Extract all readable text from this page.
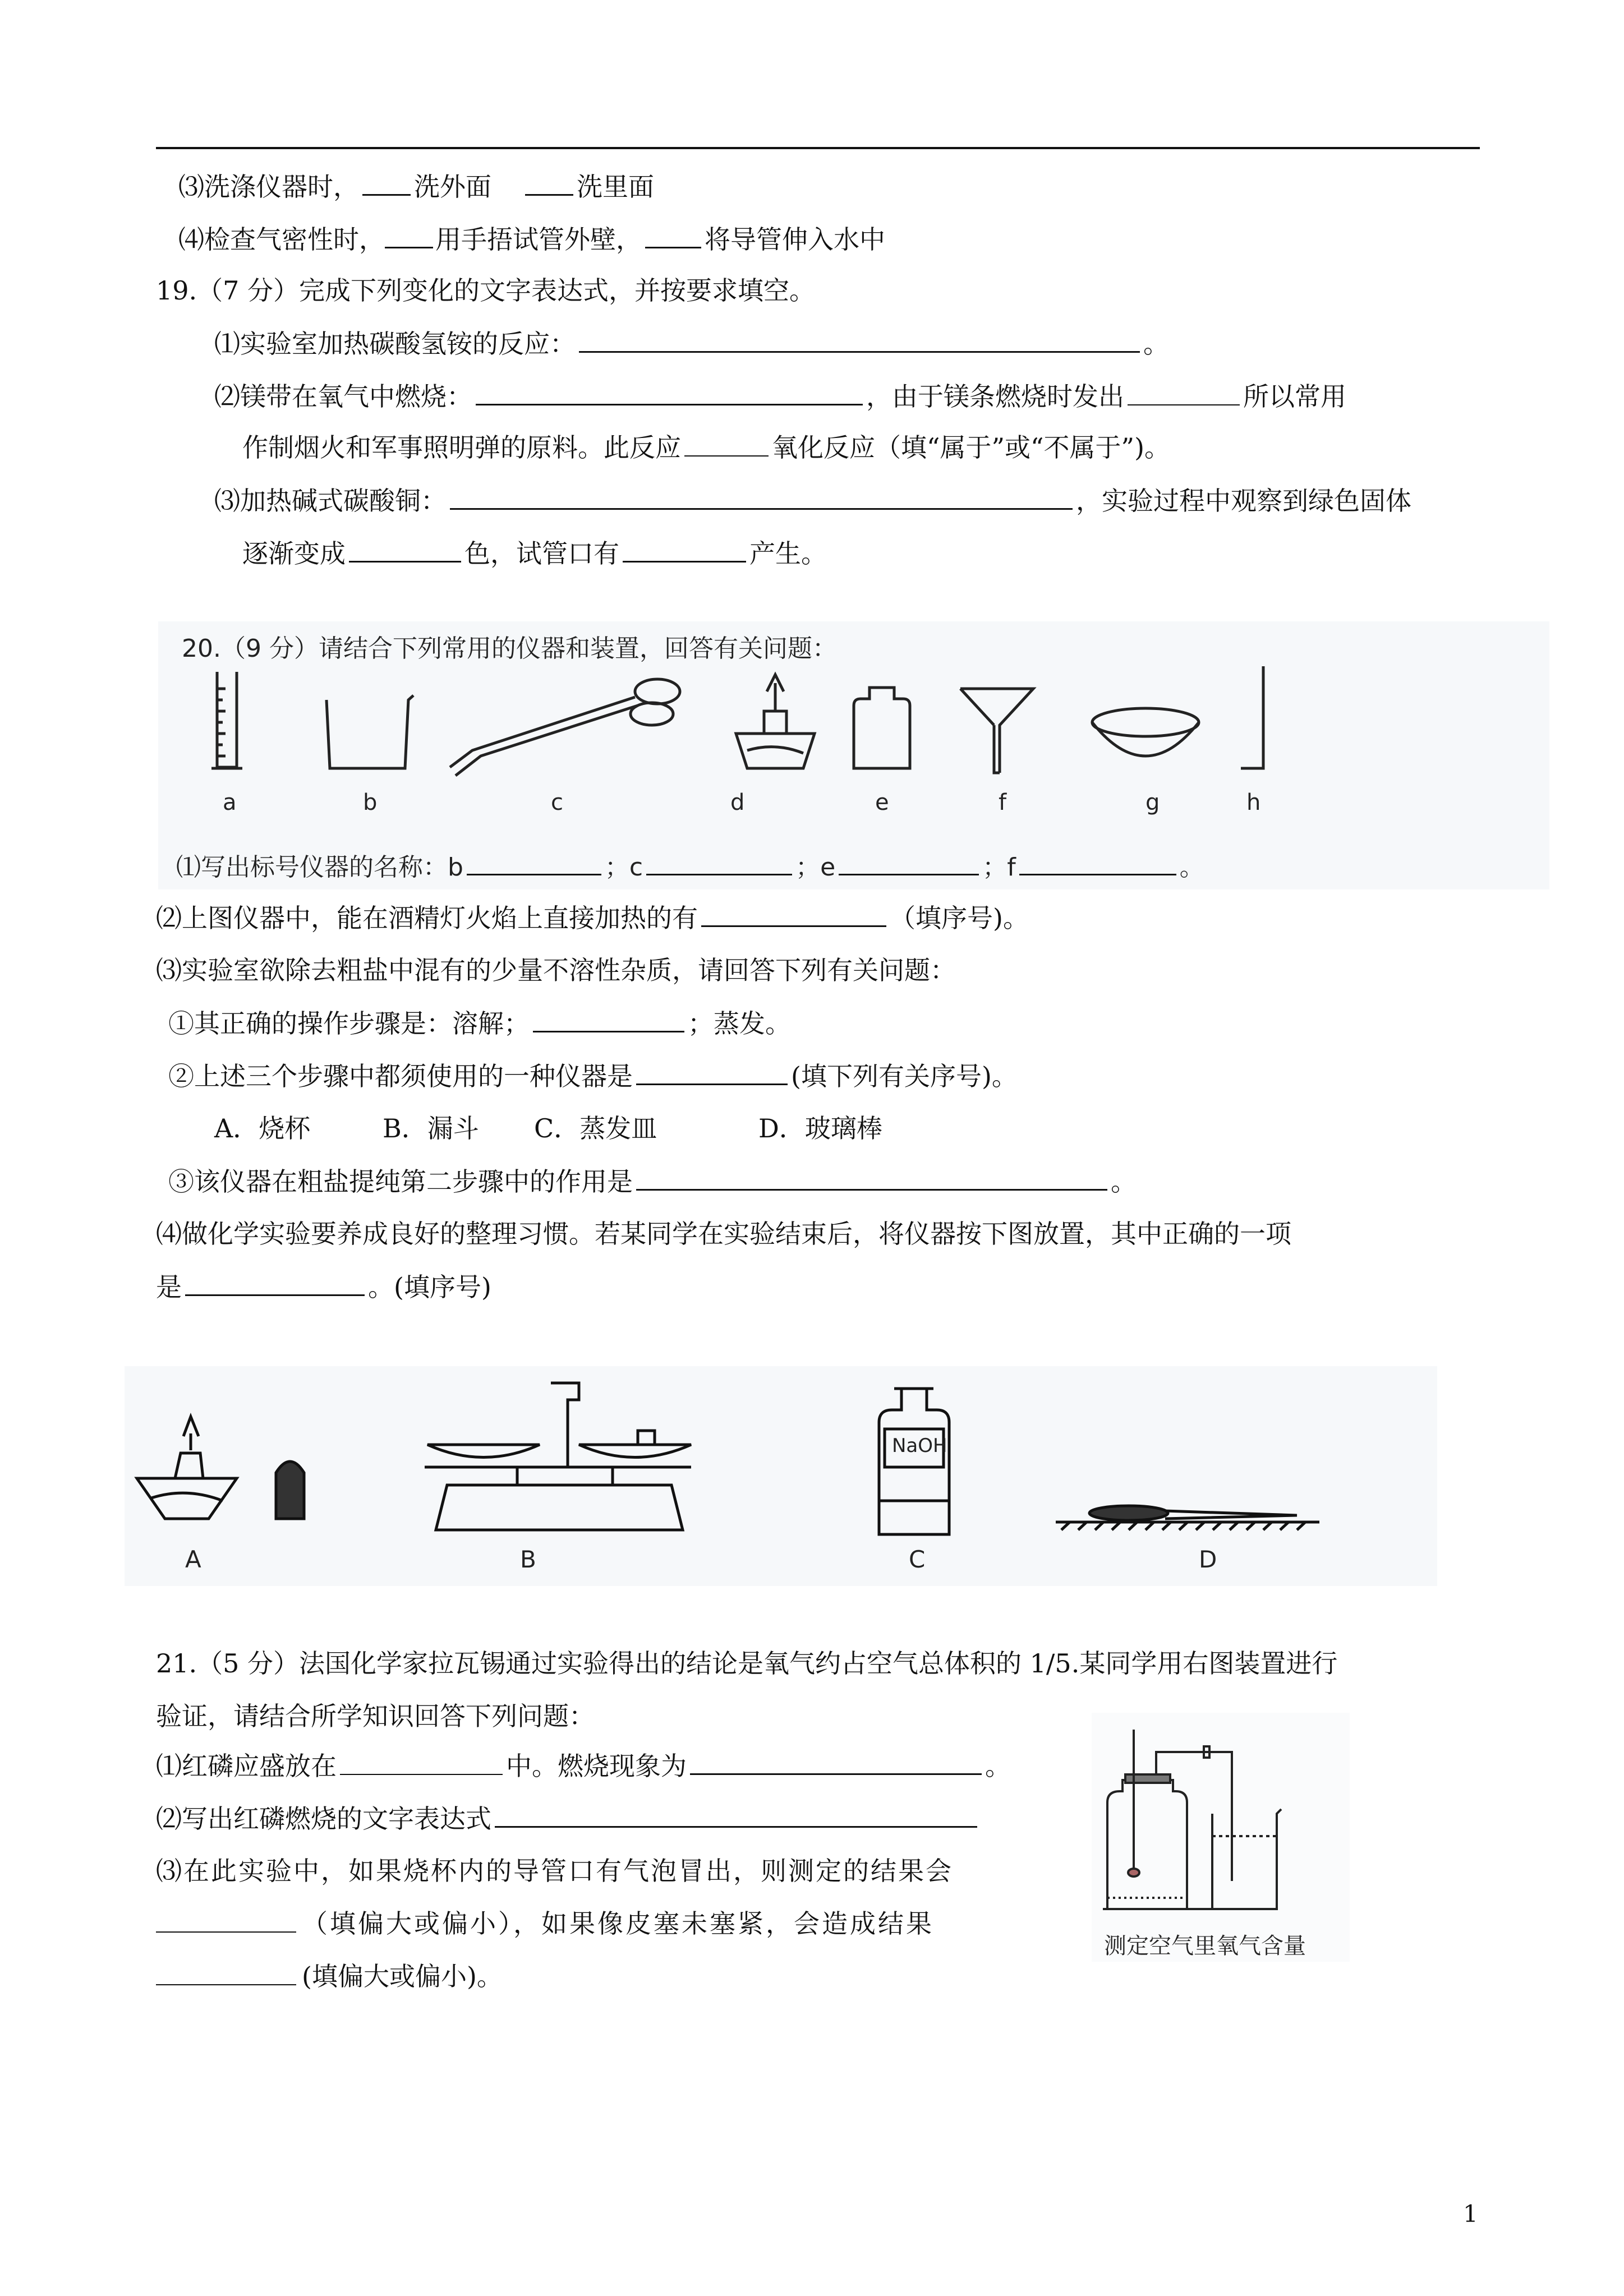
⑶洗涤仪器时， 洗外面	洗里面
⑷检查气密性时， 用手捂试管外壁， 将导管伸入水中
19.（7 分）完成下列变化的文字表达式，并按要求填空。
⑴实验室加热碳酸氢铵的反应：	。
⑵镁带在氧气中燃烧：	，由于镁条燃烧时发出	所以常用
作制烟火和军事照明弹的原料。此反应	氧化反应（填“属于”或“不属于”)。
⑶加热碱式碳酸铜：	，实验过程中观察到绿色固体
逐渐变成	色，试管口有	产生。
20.（9 分）请结合下列常用的仪器和装置，回答有关问题：
a	b	c	d	e	f	g	h
⑴写出标号仪器的名称：b	；c	；e	；f	。
⑵上图仪器中，能在酒精灯火焰上直接加热的有	（填序号)。
⑶实验室欲除去粗盐中混有的少量不溶性杂质，请回答下列有关问题：
①其正确的操作步骤是：溶解；	；蒸发。
②上述三个步骤中都须使用的一种仪器是	(填下列有关序号)。
A．烧杯	B．漏斗 C．蒸发皿	D．玻璃棒
③该仪器在粗盐提纯第二步骤中的作用是	。
⑷做化学实验要养成良好的整理习惯。若某同学在实验结束后，将仪器按下图放置，其中正确的一项
是	。(填序号)
NaOH
A	B	C	D
21.（5 分）法国化学家拉瓦锡通过实验得出的结论是氧气约占空气总体积的 1/5.某同学用右图装置进行
验证，请结合所学知识回答下列问题：
⑴红磷应盛放在	中。燃烧现象为	。
⑵写出红磷燃烧的文字表达式
⑶在此实验中，如果烧杯内的导管口有气泡冒出，则测定的结果会
（填偏大或偏小），如果像皮塞未塞紧，会造成结果
(填偏大或偏小)。
测定空气里氧气含量
1
